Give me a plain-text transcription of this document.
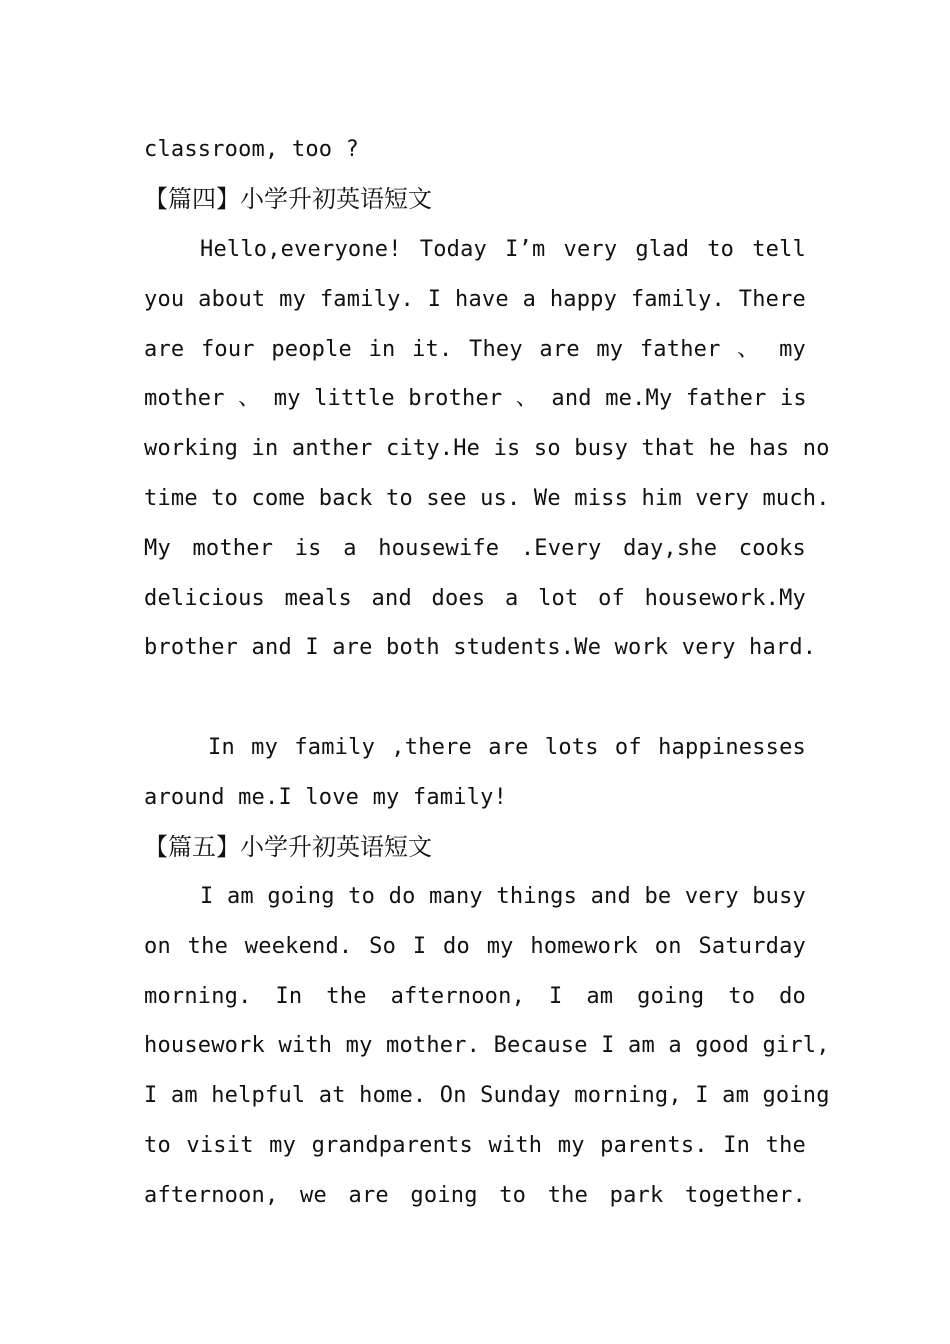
classroom, too ?
【篇四】小学升初英语短文
Hello,everyone! Today I’m very glad to tell
you about my family. I have a happy family. There
are four people in it. They are my father 、 my
mother 、 my little brother 、 and me.My father is
working in anther city.He is so busy that he has no
time to come back to see us. We miss him very much.
My mother is a housewife .Every day,she cooks
delicious meals and does a lot of housework.My
brother and I are both students.We work very hard.
In my family ,there are lots of happinesses
around me.I love my family!
【篇五】小学升初英语短文
I am going to do many things and be very busy
on the weekend. So I do my homework on Saturday
morning. In the afternoon, I am going to do
housework with my mother. Because I am a good girl,
I am helpful at home. On Sunday morning, I am going
to visit my grandparents with my parents. In the
afternoon, we are going to the park together.
